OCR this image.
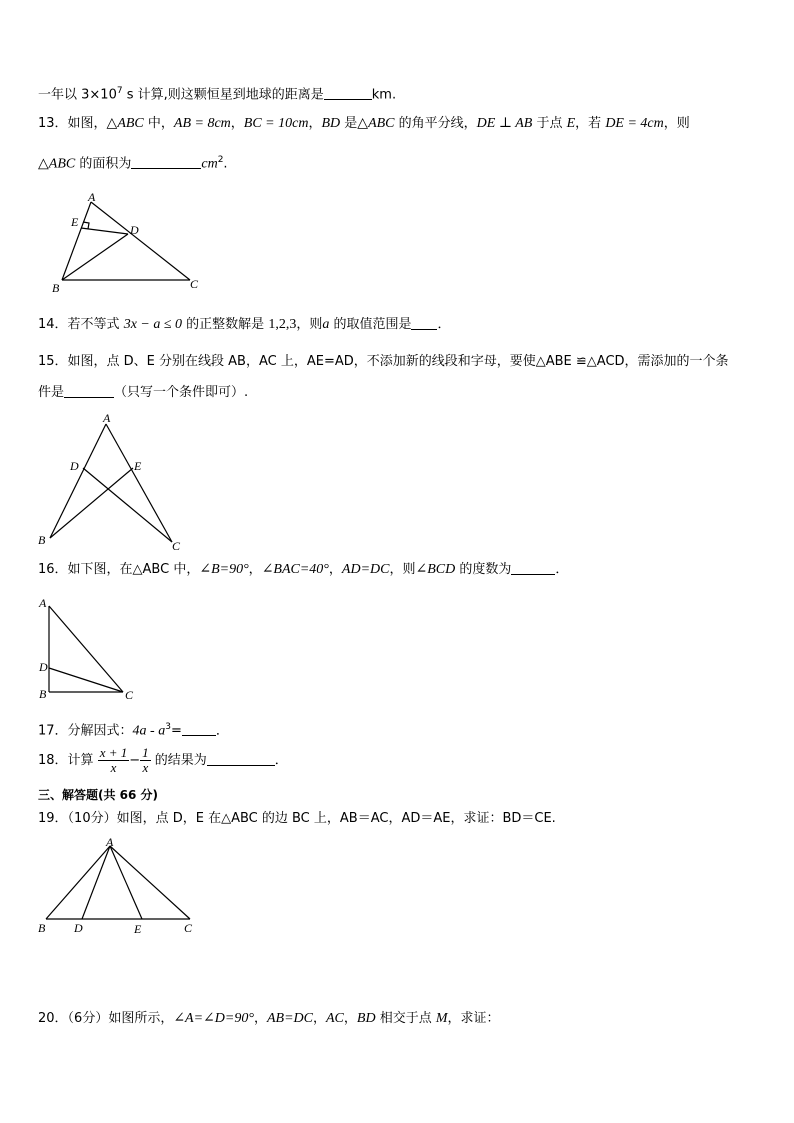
一年以 $3\times 10^7$ s 计算,则这颗恒星到地球的距离是	km.
13．如图，△ABC 中，AB = 8cm，BC = 10cm，BD 是△ABC 的角平分线，DE ⊥ AB 于点 E，若 DE = 4cm，则
△ABC 的面积为	$cm^2$.
A
E
D
B	C
14．若不等式 3x − a ≤ 0 的正整数解是 1,2,3，则a 的取值范围是 ．
15．如图，点 D、E 分别在线段 AB，AC 上，AE=AD，不添加新的线段和字母，要使△ABE ≌△ACD，需添加的一个条
件是	（只写一个条件即可）.
A
D	E
B	C
16．如下图，在△ABC 中，∠B=90°，∠BAC=40°，AD=DC，则∠BCD 的度数为	．
A
D
B	C
17．分解因式：$4a - a^3=$	．
18．计算 $\frac{x + 1}{x} - \frac{1}{x}$ 的结果为	．
三、解答题(共 66 分)
19．（10分）如图，点 D，E 在△ABC 的边 BC 上，AB＝AC，AD＝AE，求证：BD＝CE.
A
B D	E	C
20．（6分）如图所示，∠A=∠D=90°，AB=DC，AC，BD 相交于点 M，求证：
